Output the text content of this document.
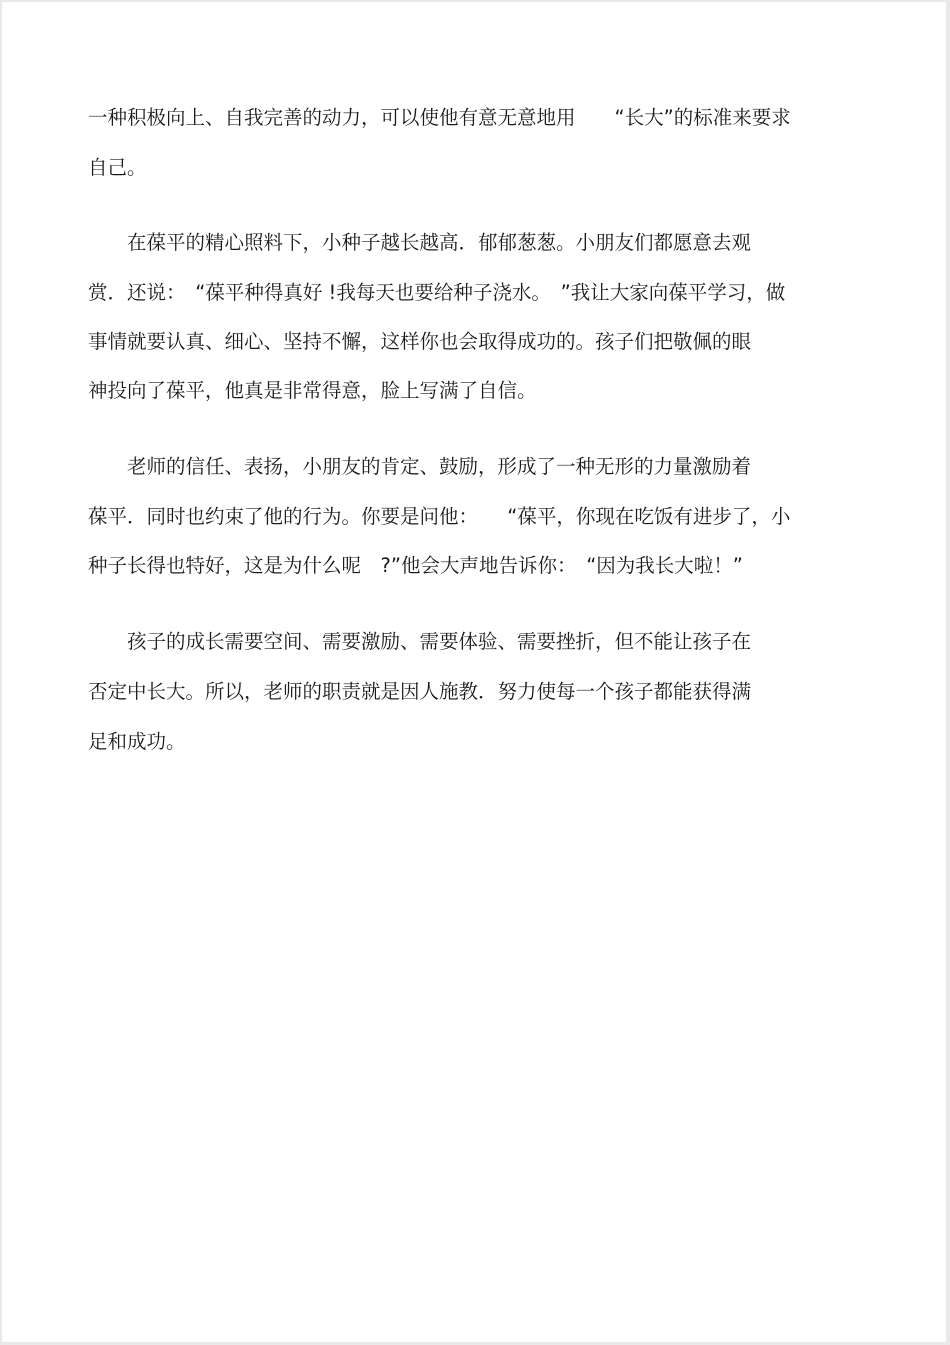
一种积极向上、自我完善的动力，可以使他有意无意地用　　“长大”的标准来要求
自己。
　　在葆平的精心照料下，小种子越长越高．郁郁葱葱。小朋友们都愿意去观
赏．还说：　“葆平种得真好 !我每天也要给种子浇水。　”我让大家向葆平学习，做
事情就要认真、细心、坚持不懈，这样你也会取得成功的。孩子们把敬佩的眼
神投向了葆平，他真是非常得意，脸上写满了自信。
　　老师的信任、表扬，小朋友的肯定、鼓励，形成了一种无形的力量激励着
葆平．同时也约束了他的行为。你要是问他：　　“葆平，你现在吃饭有进步了，小
种子长得也特好，这是为什么呢　?”他会大声地告诉你：　“因为我长大啦！”
　　孩子的成长需要空间、需要激励、需要体验、需要挫折，但不能让孩子在
否定中长大。所以，老师的职责就是因人施教．努力使每一个孩子都能获得满
足和成功。
